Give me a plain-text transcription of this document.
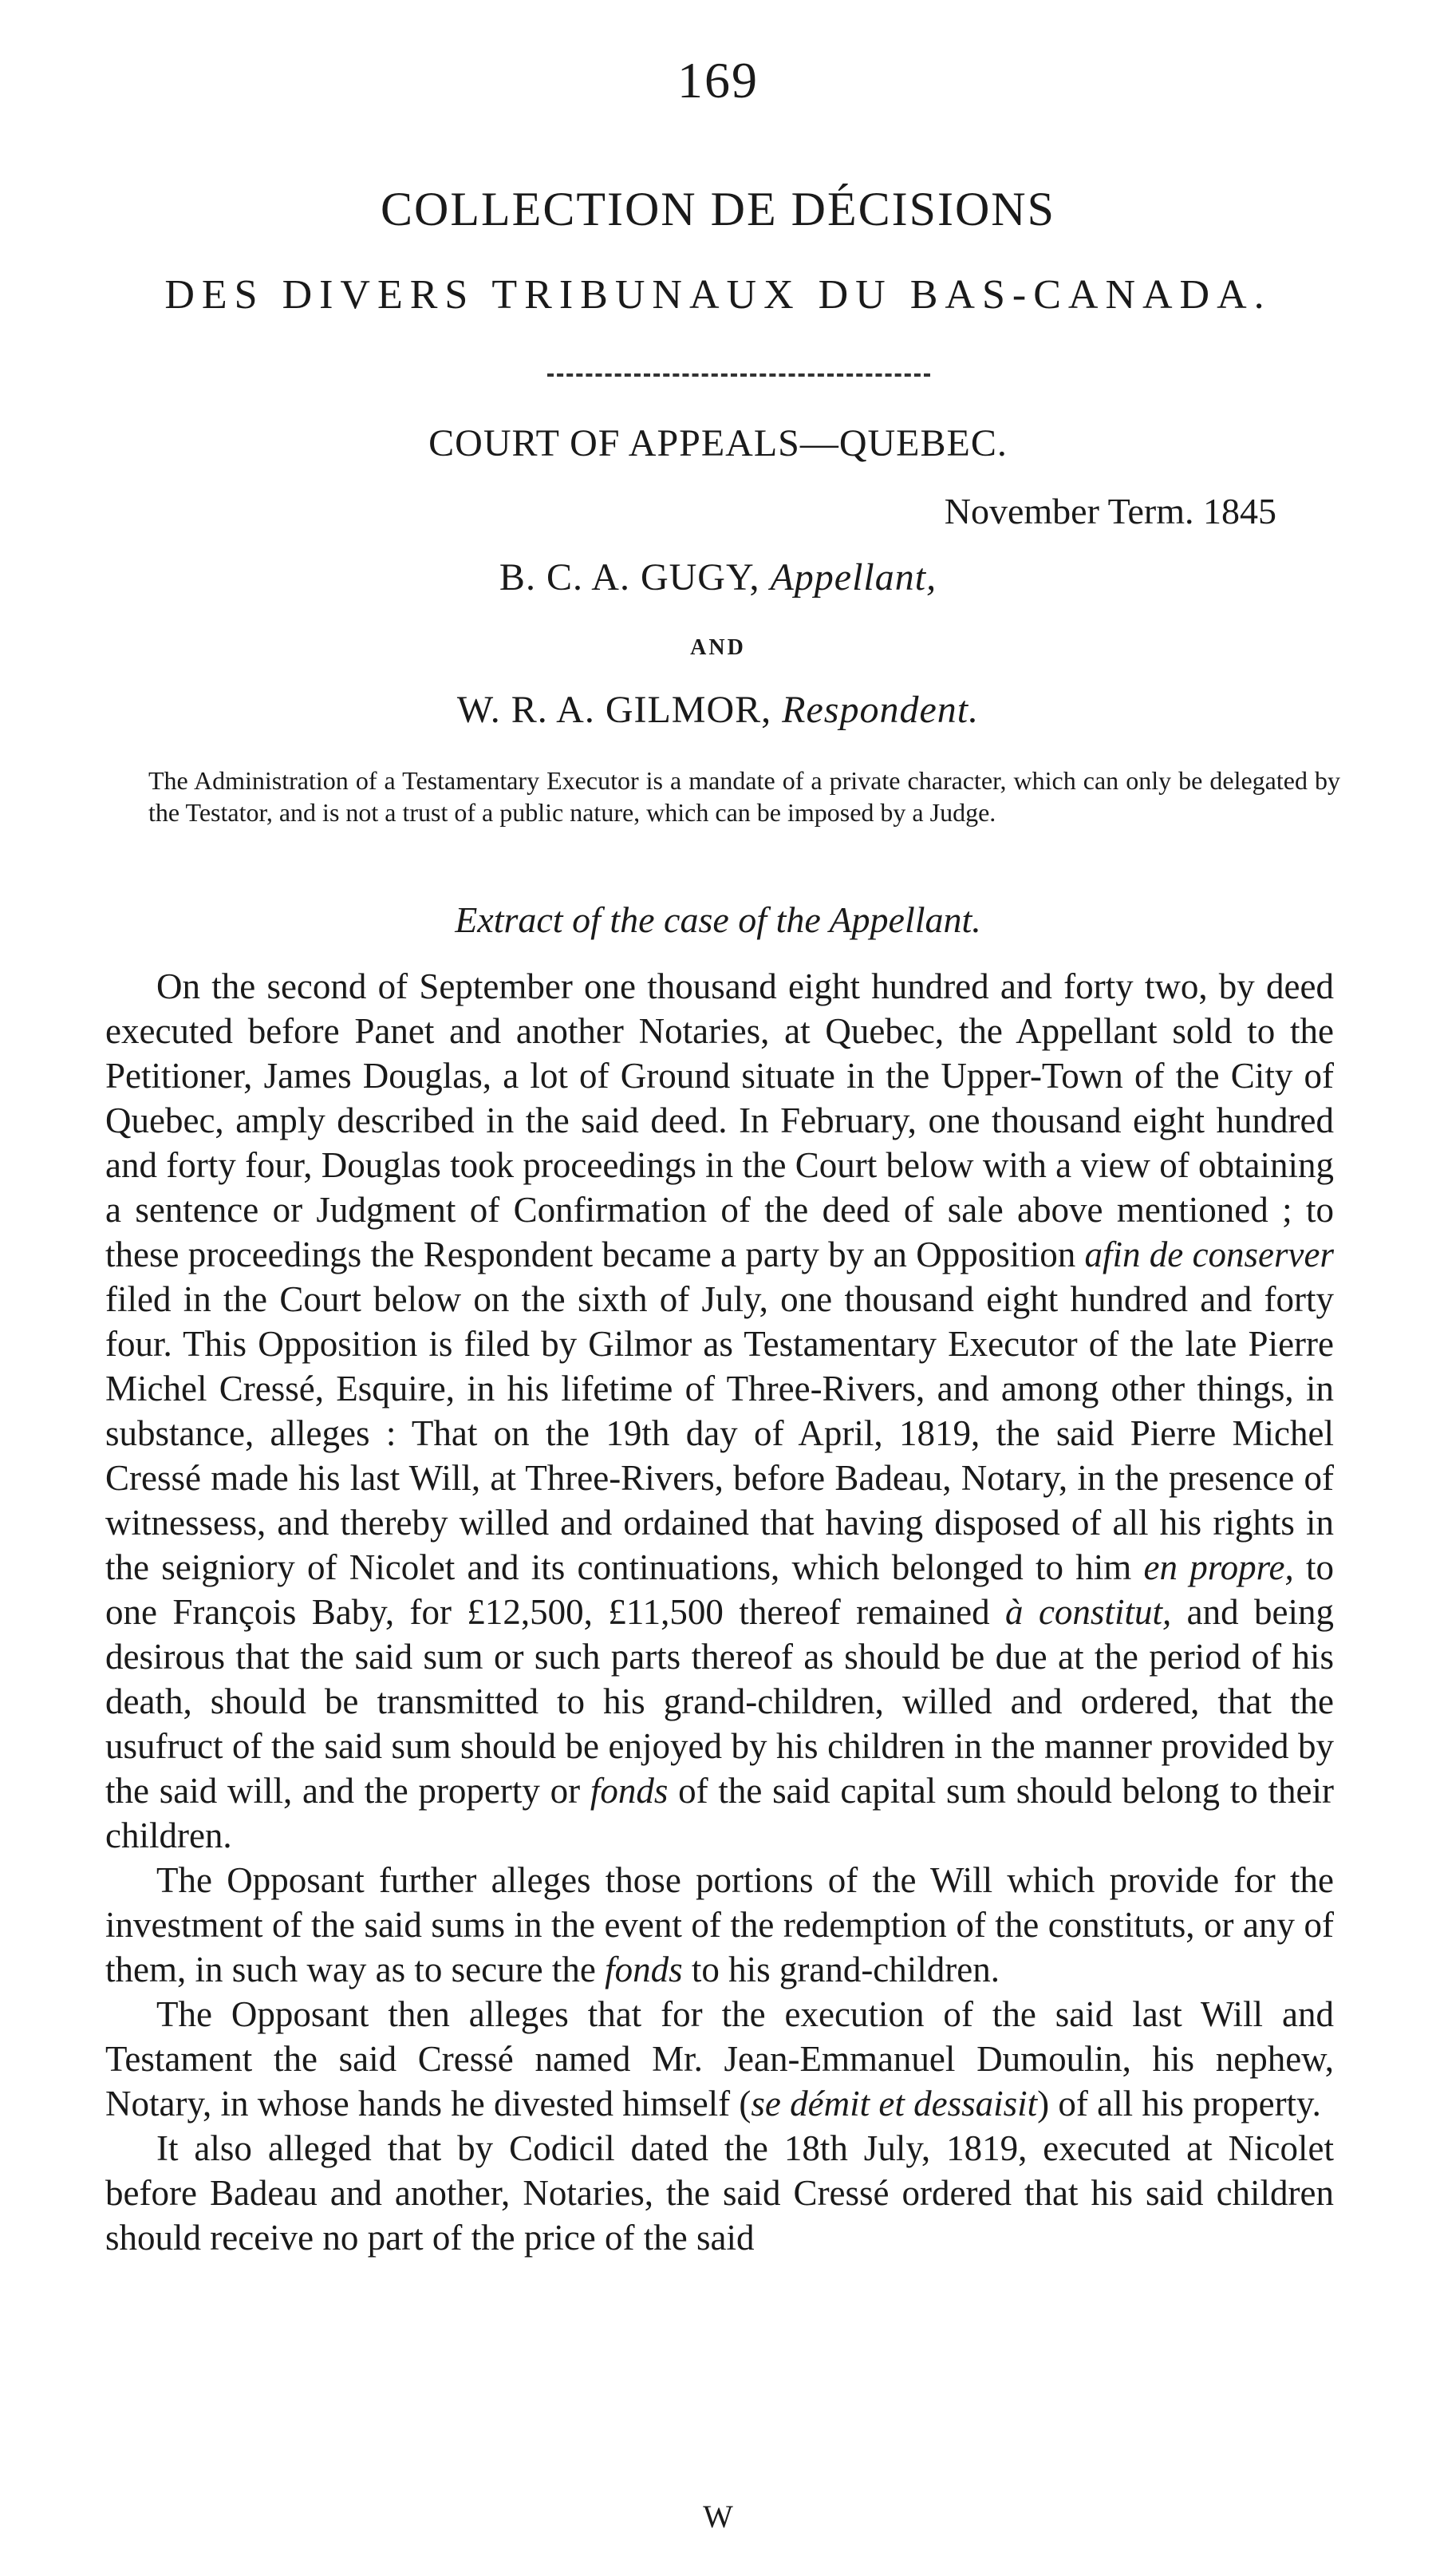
169
COLLECTION DE DÉCISIONS
DES DIVERS TRIBUNAUX DU BAS-CANADA.
COURT OF APPEALS—QUEBEC.
November Term. 1845
B. C. A. GUGY, Appellant,
AND
W. R. A. GILMOR, Respondent.
The Administration of a Testamentary Executor is a mandate of a private character, which can only be delegated by the Testator, and is not a trust of a public nature, which can be imposed by a Judge.
Extract of the case of the Appellant.

On the second of September one thousand eight hundred and forty two, by deed executed before Panet and another Notaries, at Quebec, the Appellant sold to the Petitioner, James Douglas, a lot of Ground situate in the Upper-Town of the City of Quebec, amply described in the said deed. In February, one thousand eight hundred and forty four, Douglas took proceedings in the Court below with a view of obtaining a sentence or Judgment of Confirmation of the deed of sale above mentioned ; to these proceedings the Respondent became a party by an Opposition afin de conserver filed in the Court below on the sixth of July, one thousand eight hundred and forty four. This Opposition is filed by Gilmor as Testamentary Executor of the late Pierre Michel Cressé, Esquire, in his lifetime of Three-Rivers, and among other things, in substance, alleges : That on the 19th day of April, 1819, the said Pierre Michel Cressé made his last Will, at Three-Rivers, before Badeau, Notary, in the presence of witnessess, and thereby willed and ordained that having disposed of all his rights in the seigniory of Nicolet and its continuations, which belonged to him en propre, to one François Baby, for £12,500, £11,500 thereof remained à constitut, and being desirous that the said sum or such parts thereof as should be due at the period of his death, should be transmitted to his grand-children, willed and ordered, that the usufruct of the said sum should be enjoyed by his children in the manner provided by the said will, and the property or fonds of the said capital sum should belong to their children.

The Opposant further alleges those portions of the Will which provide for the investment of the said sums in the event of the redemption of the constituts, or any of them, in such way as to secure the fonds to his grand-children.

The Opposant then alleges that for the execution of the said last Will and Testament the said Cressé named Mr. Jean-Emmanuel Dumoulin, his nephew, Notary, in whose hands he divested himself (se démit et dessaisit) of all his property.

It also alleged that by Codicil dated the 18th July, 1819, executed at Nicolet before Badeau and another, Notaries, the said Cressé ordered that his said children should receive no part of the price of the said

W
